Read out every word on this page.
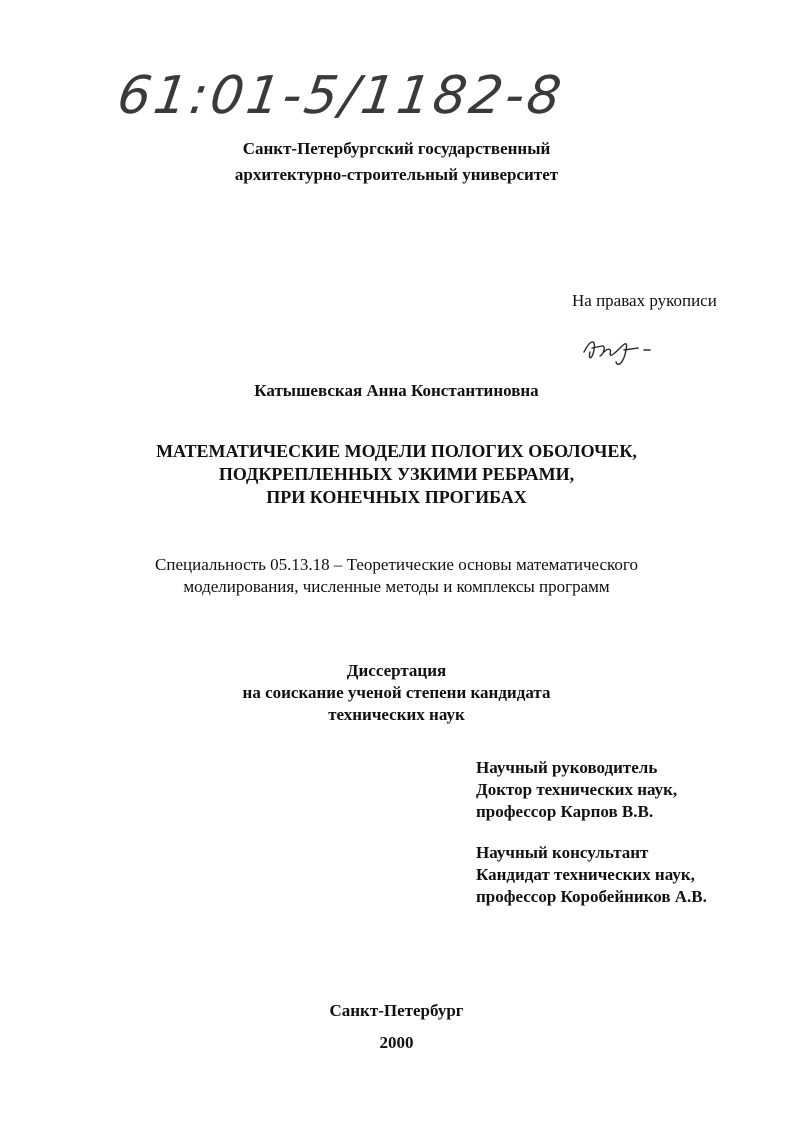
61:01-5/1182-8
Санкт-Петербургский государственный
архитектурно-строительный университет
На правах рукописи
Катышевская Анна Константиновна
МАТЕМАТИЧЕСКИЕ МОДЕЛИ ПОЛОГИХ ОБОЛОЧЕК,
ПОДКРЕПЛЕННЫХ УЗКИМИ РЕБРАМИ,
ПРИ КОНЕЧНЫХ ПРОГИБАХ
Специальность 05.13.18 – Теоретические основы математического
моделирования, численные методы и комплексы программ
Диссертация
на соискание ученой степени кандидата
технических наук
Научный руководитель
Доктор технических наук,
профессор Карпов В.В.
Научный консультант
Кандидат технических наук,
профессор Коробейников А.В.
Санкт-Петербург
2000
